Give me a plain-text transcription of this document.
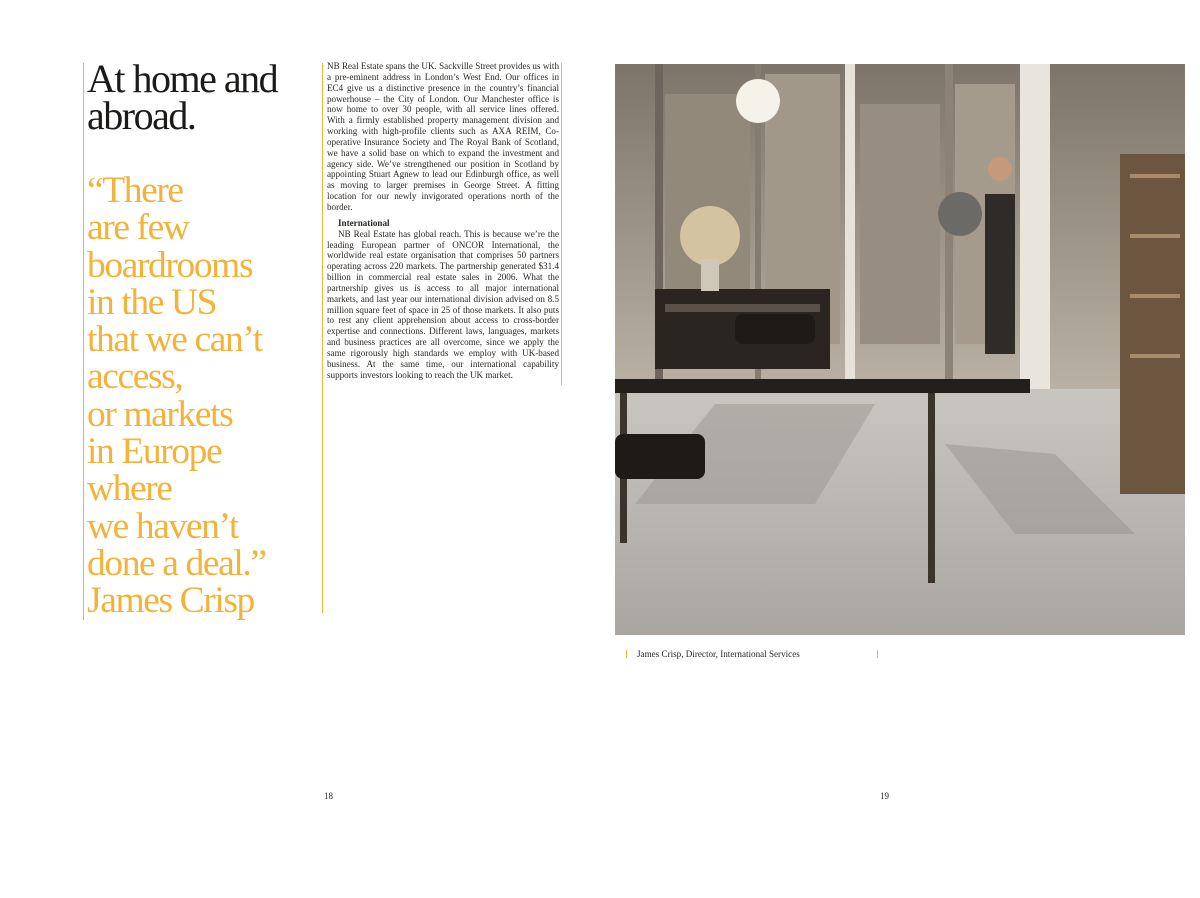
At home and abroad.
“There
are few
boardrooms
in the US
that we can’t
access,
or markets
in Europe
where
we haven’t
done a deal.”
James Crisp

NB Real Estate spans the UK. Sackville Street provides us with a pre-eminent address in London’s West End. Our offices in EC4 give us a distinctive presence in the country’s financial powerhouse – the City of London. Our Manchester office is now home to over 30 people, with all service lines offered. With a firmly established property management division and working with high-profile clients such as AXA REIM, Co-operative Insurance Society and The Royal Bank of Scotland, we have a solid base on which to expand the investment and agency side. We’ve strengthened our position in Scotland by appointing Stuart Agnew to lead our Edinburgh office, as well as moving to larger premises in George Street. A fitting location for our newly invigorated operations north of the border.

International

NB Real Estate has global reach. This is because we’re the leading European partner of ONCOR International, the worldwide real estate organisation that comprises 50 partners operating across 220 markets. The partnership generated $31.4 billion in commercial real estate sales in 2006. What the partnership gives us is access to all major international markets, and last year our international division advised on 8.5 million square feet of space in 25 of those markets. It also puts to rest any client apprehension about access to cross-border expertise and connections. Different laws, languages, markets and business practices are all overcome, since we apply the same rigorously high standards we employ with UK-based business. At the same time, our international capability supports investors looking to reach the UK market.

18
James Crisp, Director, International Services
19
